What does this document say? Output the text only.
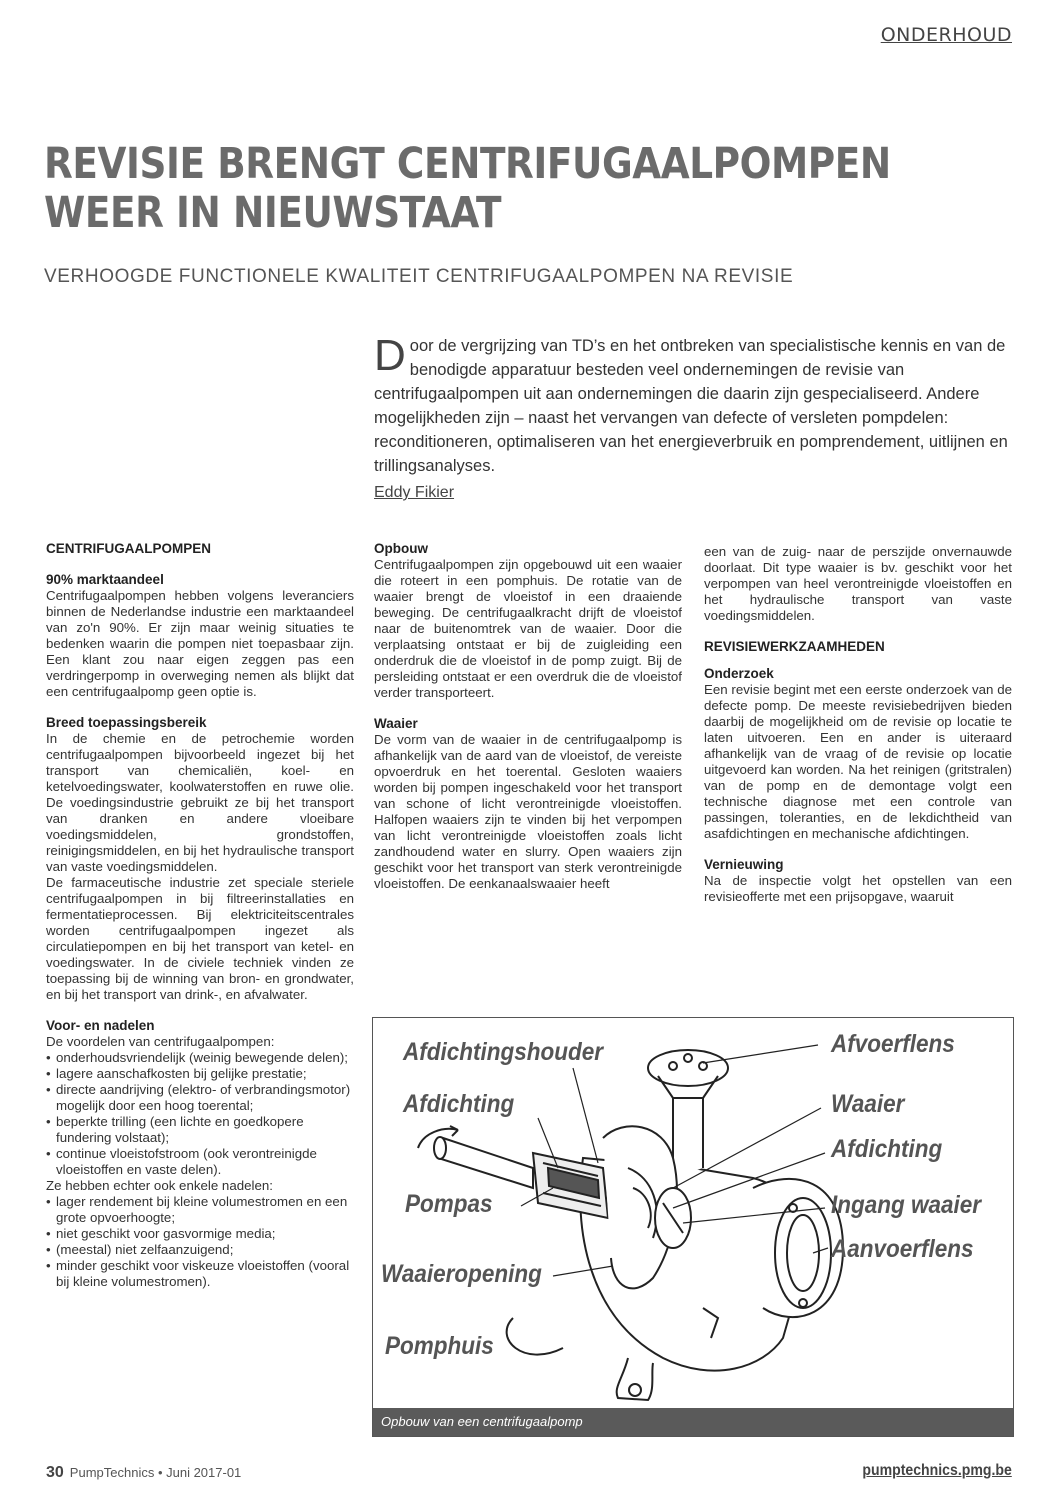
ONDERHOUD
REVISIE BRENGT CENTRIFUGAALPOMPEN
WEER IN NIEUWSTAAT
VERHOOGDE FUNCTIONELE KWALITEIT CENTRIFUGAALPOMPEN NA REVISIE
Door de vergrijzing van TD’s en het ontbreken van specialistische kennis en van de benodigde apparatuur besteden veel ondernemingen de revisie van centrifugaalpompen uit aan ondernemingen die daarin zijn gespecialiseerd. Andere mogelijkheden zijn – naast het vervangen van defecte of versleten pompdelen: reconditioneren, optimaliseren van het energieverbruik en pomprendement, uitlijnen en trillingsanalyses.
Eddy Fikier
CENTRIFUGAALPOMPEN
90% marktaandeel

Centrifugaalpompen hebben volgens leveranciers binnen de Nederlandse industrie een marktaandeel van zo'n 90%. Er zijn maar weinig situaties te bedenken waarin die pompen niet toepasbaar zijn. Een klant zou naar eigen zeggen pas een verdringerpomp in overweging nemen als blijkt dat een centrifugaalpomp geen optie is.

Breed toepassingsbereik

In de chemie en de petrochemie worden centrifugaalpompen bijvoorbeeld ingezet bij het transport van chemicaliën, koel- en ketelvoedingswater, koolwaterstoffen en ruwe olie. De voedingsindustrie gebruikt ze bij het transport van dranken en andere vloeibare voedingsmiddelen, grondstoffen, reinigingsmiddelen, en bij het hydraulische transport van vaste voedingsmiddelen.

De farmaceutische industrie zet speciale steriele centrifugaalpompen in bij filtreerinstallaties en fermentatieprocessen. Bij elektriciteitscentrales worden centrifugaalpompen ingezet als circulatiepompen en bij het transport van ketel- en voedingswater. In de civiele techniek vinden ze toepassing bij de winning van bron- en grondwater, en bij het transport van drink-, en afvalwater.

Voor- en nadelen

De voordelen van centrifugaalpompen:

• onderhoudsvriendelijk (weinig bewegende delen);
• lagere aanschafkosten bij gelijke prestatie;
• directe aandrijving (elektro- of verbrandingsmotor) mogelijk door een hoog toerental;
• beperkte trilling (een lichte en goedkopere fundering volstaat);
• continue vloeistofstroom (ook verontreinigde vloeistoffen en vaste delen).

Ze hebben echter ook enkele nadelen:

• lager rendement bij kleine volumestromen en een grote opvoerhoogte;
• niet geschikt voor gasvormige media;
• (meestal) niet zelfaanzuigend;
• minder geschikt voor viskeuze vloeistoffen (vooral bij kleine volumestromen).
Opbouw

Centrifugaalpompen zijn opgebouwd uit een waaier die roteert in een pomphuis. De rotatie van de waaier brengt de vloeistof in een draaiende beweging. De centrifugaalkracht drijft de vloeistof naar de buitenomtrek van de waaier. Door die verplaatsing ontstaat er bij de zuigleiding een onderdruk die de vloeistof in de pomp zuigt. Bij de persleiding ontstaat er een overdruk die de vloeistof verder transporteert.

Waaier

De vorm van de waaier in de centrifugaalpomp is afhankelijk van de aard van de vloeistof, de vereiste opvoerdruk en het toerental. Gesloten waaiers worden bij pompen ingeschakeld voor het transport van schone of licht verontreinigde vloeistoffen. Halfopen waaiers zijn te vinden bij het verpompen van licht verontreinigde vloeistoffen zoals licht zandhoudend water en slurry. Open waaiers zijn geschikt voor het transport van sterk verontreinigde vloeistoffen. De eenkanaalswaaier heeft

een van de zuig- naar de perszijde onvernauwde doorlaat. Dit type waaier is bv. geschikt voor het verpompen van heel verontreinigde vloeistoffen en het hydraulische transport van vaste voedingsmiddelen.

REVISIEWERKZAAMHEDEN
Onderzoek

Een revisie begint met een eerste onderzoek van de defecte pomp. De meeste revisiebedrijven bieden daarbij de mogelijkheid om de revisie op locatie te laten uitvoeren. Een en ander is uiteraard afhankelijk van de vraag of de revisie op locatie uitgevoerd kan worden. Na het reinigen (gritstralen) van de pomp en de demontage volgt een technische diagnose met een controle van passingen, toleranties, en de lekdichtheid van asafdichtingen en mechanische afdichtingen.

Vernieuwing

Na de inspectie volgt het opstellen van een revisieofferte met een prijsopgave, waaruit

Afdichtingshouder
Afdichting
Pompas
Waaieropening
Pomphuis
Afvoerflens
Waaier
Afdichting
Ingang waaier
Aanvoerflens
Opbouw van een centrifugaalpomp
30 PumpTechnics • Juni 2017-01	pumptechnics.pmg.be
